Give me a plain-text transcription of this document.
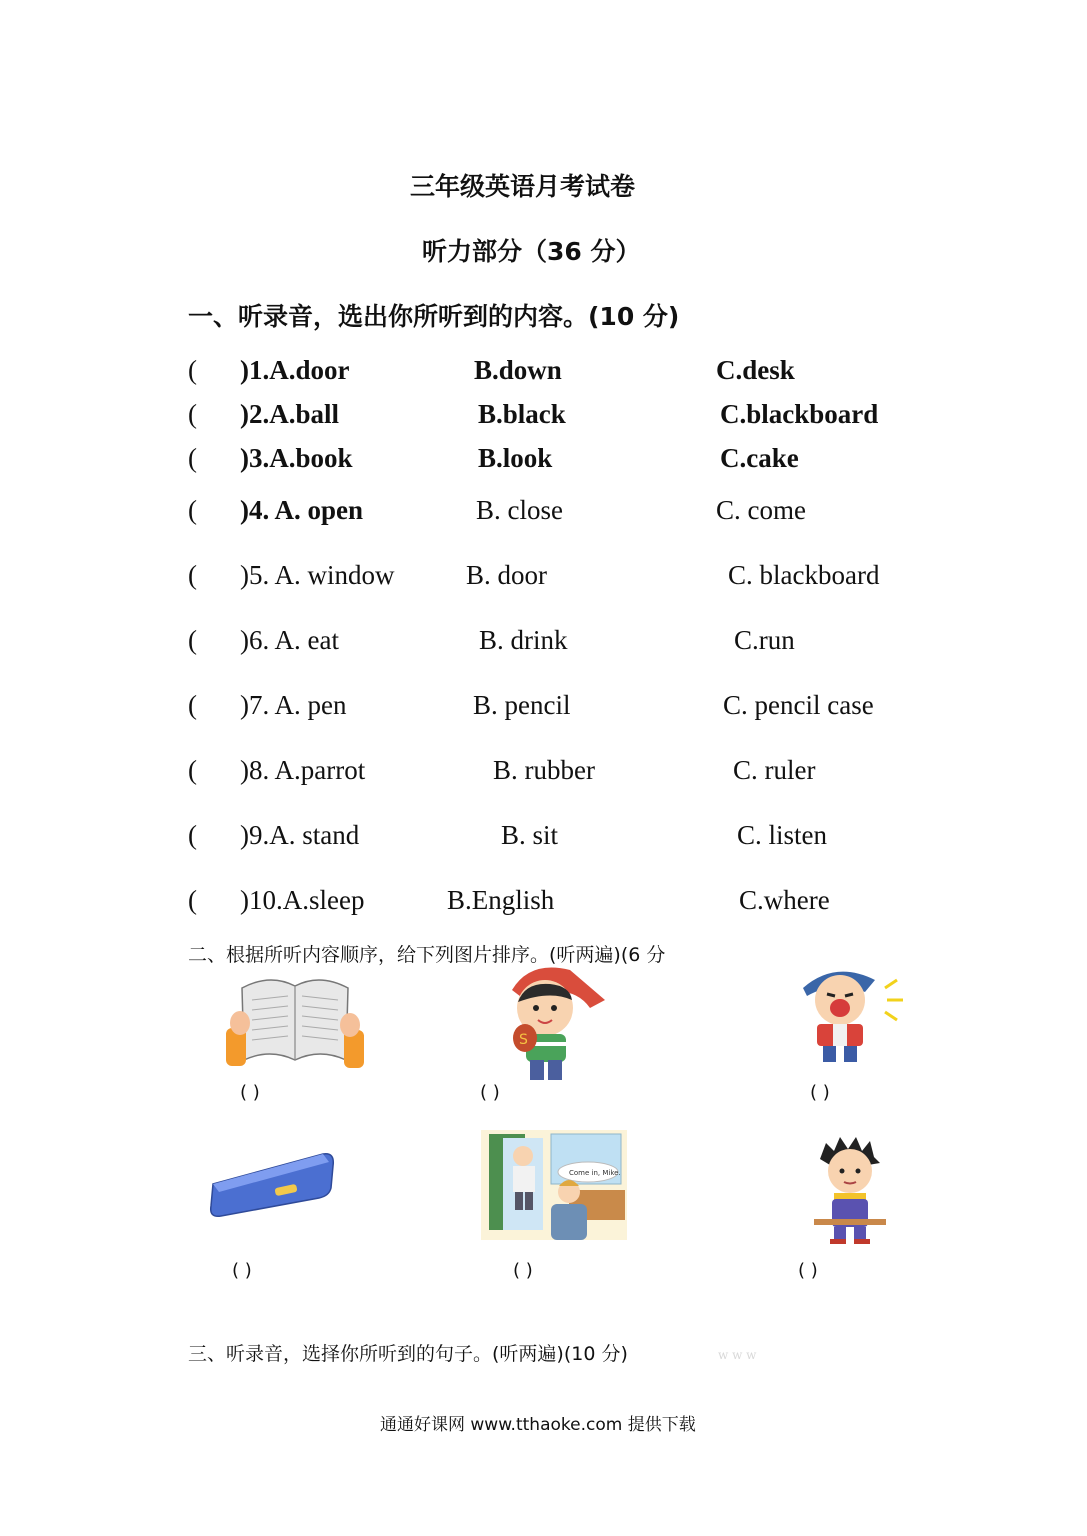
三年级英语月考试卷
听力部分（36 分）
一、听录音，选出你所听到的内容。(10 分)
( )1.A.door	B.down	C.desk
( )2.A.ball	B.black	C.blackboard
( )3.A.book	B.look	C.cake
( )4. A. open	B. close	C. come
( )5. A. window	B. door	C. blackboard
( )6. A. eat	B. drink	C.run
( )7. A. pen	B. pencil	C. pencil case
( )8. A.parrot	B. rubber	C. ruler
( )9.A. stand	B. sit	C. listen
( )10.A.sleep	B.English	C.where
二、根据所听内容顺序，给下列图片排序。(听两遍)(6 分
( )
S
( )	( )
( )
Come in, Mike.
( )	( )
三、听录音，选择你所听到的句子。(听两遍)(10 分)	w w w
通通好课网 www.tthaoke.com 提供下载
